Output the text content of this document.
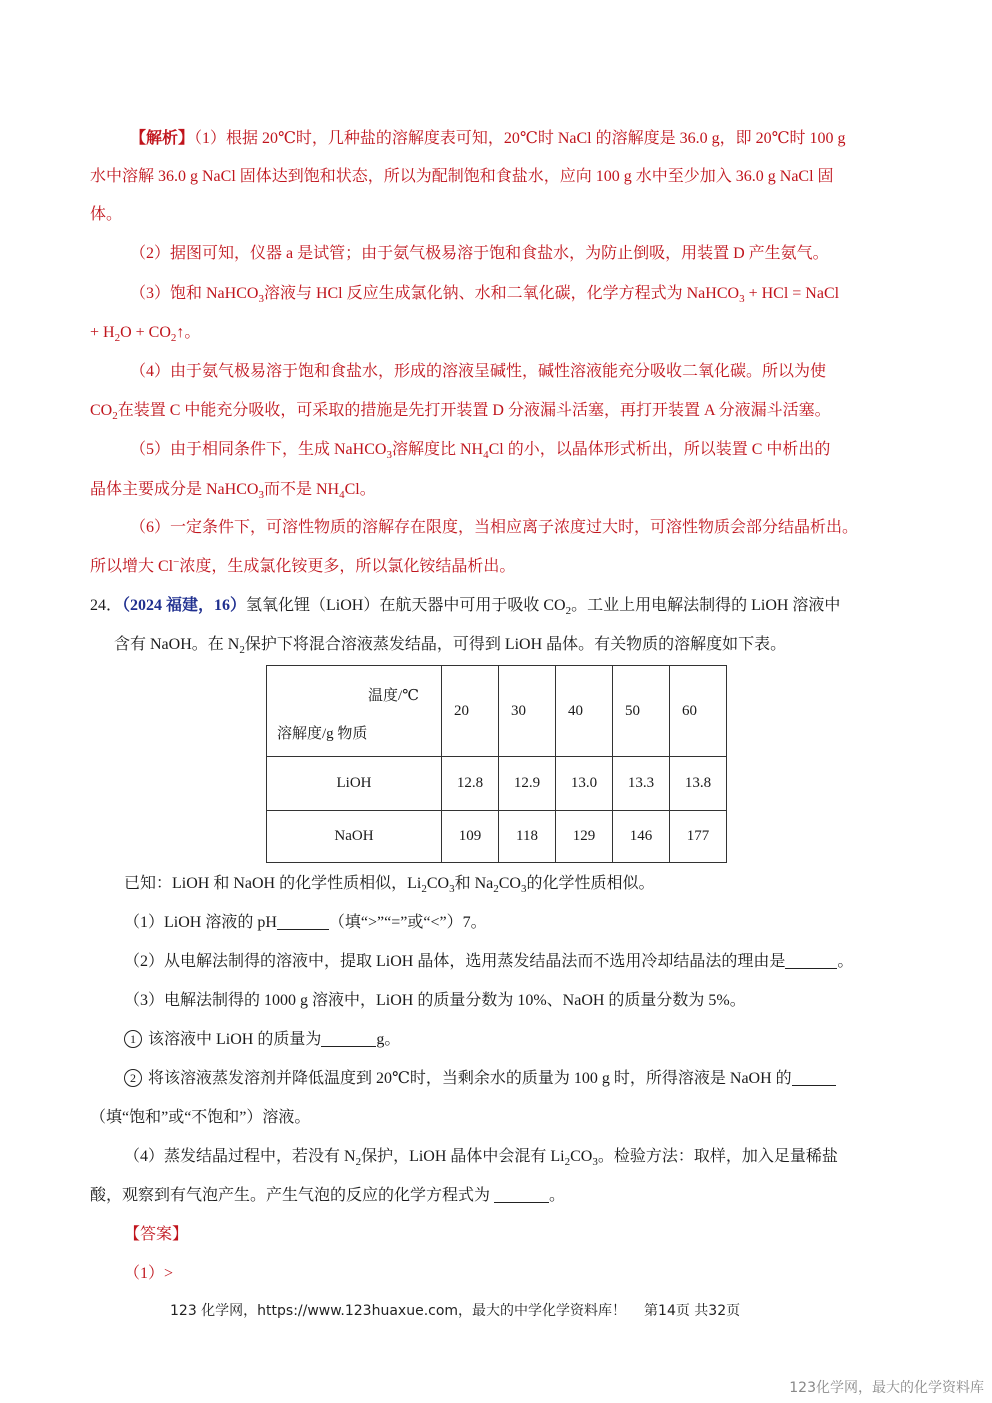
【解析】（1）根据 20℃时，几种盐的溶解度表可知，20℃时 NaCl 的溶解度是 36.0 g，即 20℃时 100 g
水中溶解 36.0 g NaCl 固体达到饱和状态，所以为配制饱和食盐水，应向 100 g 水中至少加入 36.0 g NaCl 固
体。
（2）据图可知，仪器 a 是试管；由于氨气极易溶于饱和食盐水，为防止倒吸，用装置 D 产生氨气。
（3）饱和 NaHCO$_3$溶液与 HCl 反应生成氯化钠、水和二氧化碳，化学方程式为 NaHCO$_3$ + HCl = NaCl
+ $H_2O$ + $CO_2↑$。
（4）由于氨气极易溶于饱和食盐水，形成的溶液呈碱性，碱性溶液能充分吸收二氧化碳。所以为使
$CO_2$在装置 C 中能充分吸收，可采取的措施是先打开装置 D 分液漏斗活塞，再打开装置 A 分液漏斗活塞。
（5）由于相同条件下，生成 NaHCO$_3$溶解度比 $NH_4Cl$ 的小，以晶体形式析出，所以装置 C 中析出的
晶体主要成分是 NaHCO$_3$而不是 $NH_4Cl$。
（6）一定条件下，可溶性物质的溶解存在限度，当相应离子浓度过大时，可溶性物质会部分结晶析出。
所以增大 Cl−浓度，生成氯化铵更多，所以氯化铵结晶析出。
24．（2024 福建，16）氢氧化锂（LiOH）在航天器中可用于吸收 $CO_2$。工业上用电解法制得的 LiOH 溶液中
含有 NaOH。在 $N_2$保护下将混合溶液蒸发结晶，可得到 LiOH 晶体。有关物质的溶解度如下表。
温度/℃
溶解度/g 物质	20	30	40	50	60
LiOH	12.8	12.9	13.0	13.3	13.8
NaOH	109	118	129	146	177
已知：LiOH 和 NaOH 的化学性质相似，$Li_2CO_3$和 $Na_2CO_3$的化学性质相似。
（1）LiOH 溶液的 pH	（填“>”“=”或“<”）7。
（2）从电解法制得的溶液中，提取 LiOH 晶体，选用蒸发结晶法而不选用冷却结晶法的理由是	。
（3）电解法制得的 1000 g 溶液中，LiOH 的质量分数为 10%、NaOH 的质量分数为 5%。
1 该溶液中 LiOH 的质量为	g。
2 将该溶液蒸发溶剂并降低温度到 20℃时，当剩余水的质量为 100 g 时，所得溶液是 NaOH 的
（填“饱和”或“不饱和”）溶液。
（4）蒸发结晶过程中，若没有 $N_2$保护，LiOH 晶体中会混有 $Li_2CO_3$。检验方法：取样，加入足量稀盐
酸，观察到有气泡产生。产生气泡的反应的化学方程式为	。
【答案】
（1）>
123 化学网，https://www.123huaxue.com，最大的中学化学资料库！ 第14页 共32页
123化学网，最大的化学资料库
